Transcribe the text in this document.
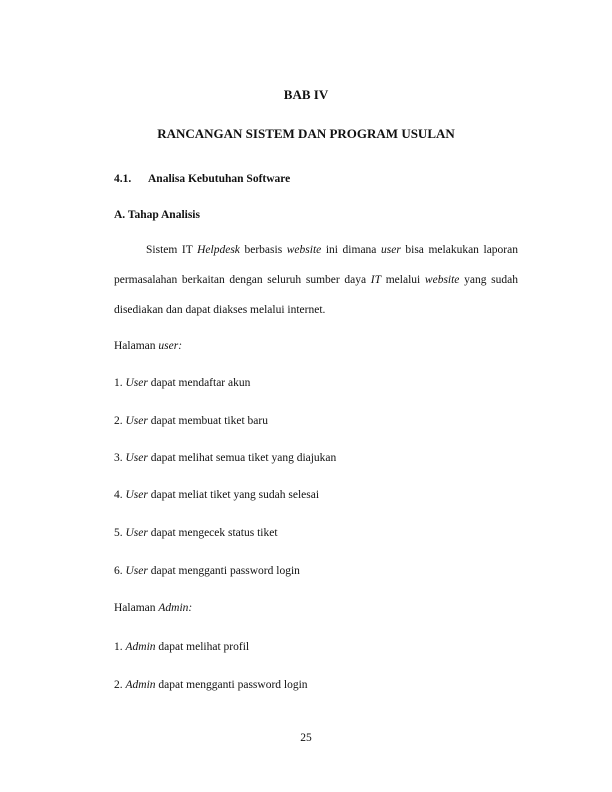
BAB IV
RANCANGAN SISTEM DAN PROGRAM USULAN
4.1. Analisa Kebutuhan Software
A. Tahap Analisis
Sistem IT Helpdesk berbasis website ini dimana user bisa melakukan laporan
permasalahan berkaitan dengan seluruh sumber daya IT melalui website yang sudah
disediakan dan dapat diakses melalui internet.
Halaman user:
1. User dapat mendaftar akun
2. User dapat membuat tiket baru
3. User dapat melihat semua tiket yang diajukan
4. User dapat meliat tiket yang sudah selesai
5. User dapat mengecek status tiket
6. User dapat mengganti password login
Halaman Admin:
1. Admin dapat melihat profil
2. Admin dapat mengganti password login
25
